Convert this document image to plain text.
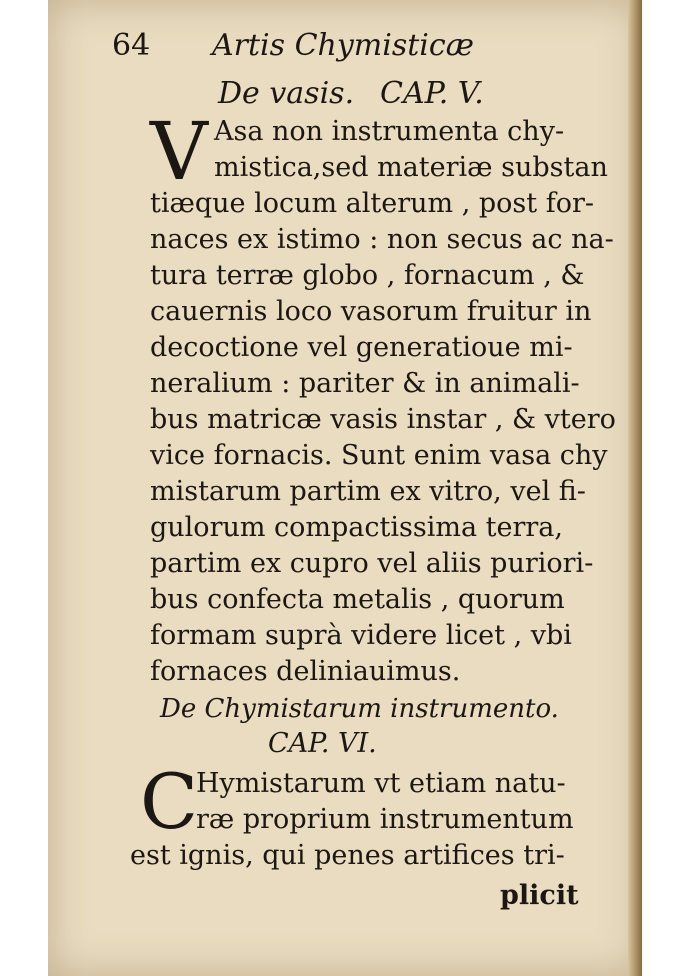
64 Artis Chymisticæ
De vasis. CAP. V.
V Asa non instrumenta chy-
mistica,sed materiæ substan
tiæque locum alterum , post for-
naces ex istimo : non secus ac na-
tura terræ globo , fornacum , &
cauernis loco vasorum fruitur in
decoctione vel generatioue mi-
neralium : pariter & in animali-
bus matricæ vasis instar , & vtero
vice fornacis. Sunt enim vasa chy
mistarum partim ex vitro, vel fi-
gulorum compactissima terra,
partim ex cupro vel aliis puriori-
bus confecta metalis , quorum
formam suprà videre licet , vbi
fornaces deliniauimus.
De Chymistarum instrumento.
CAP. VI.
C
Hymistarum vt etiam natu-
ræ proprium instrumentum
est ignis, qui penes artifices tri-
plicit
